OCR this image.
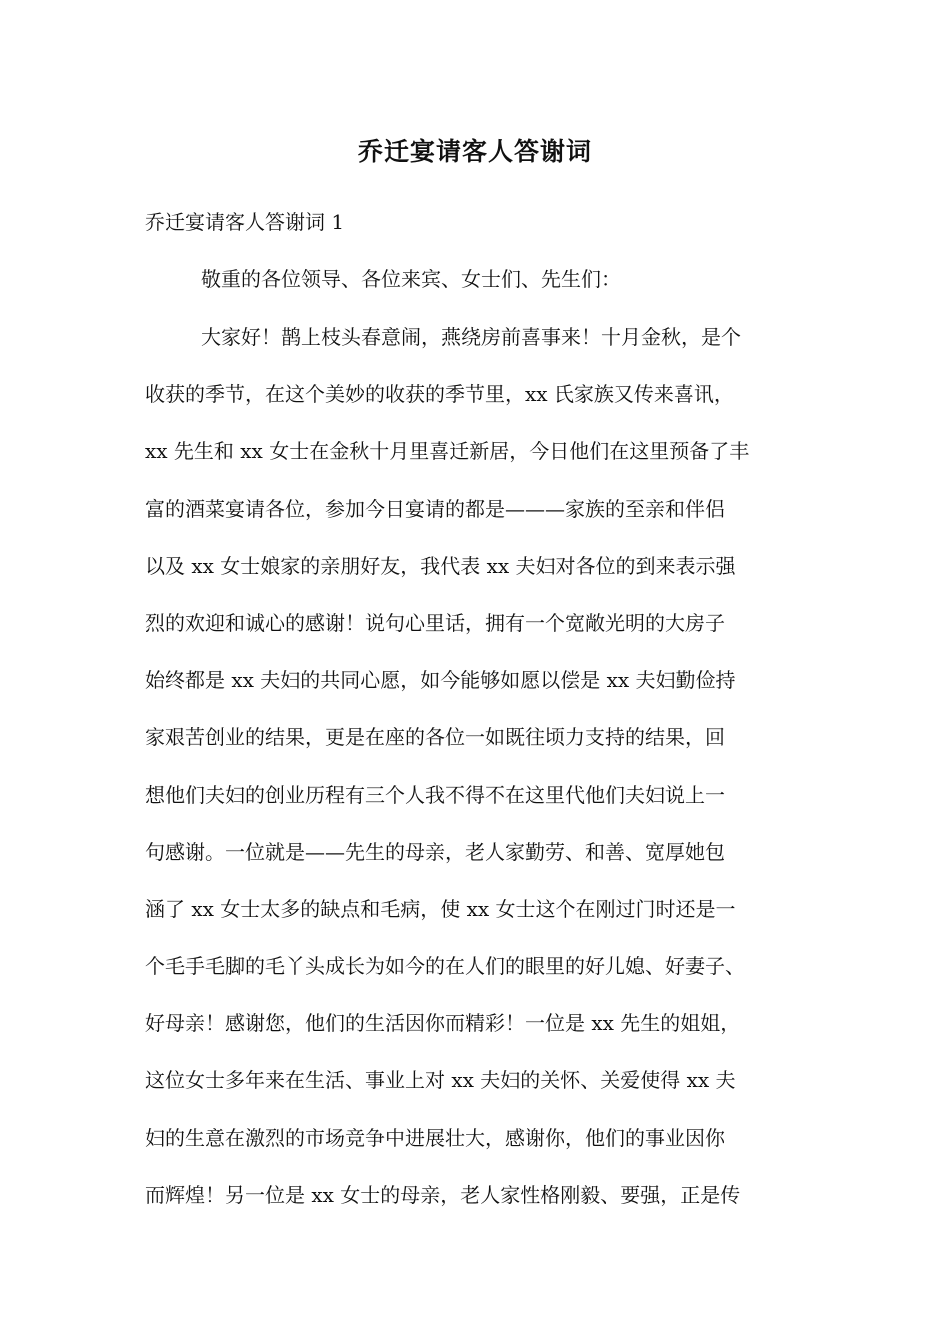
乔迁宴请客人答谢词
乔迁宴请客人答谢词 1
敬重的各位领导、各位来宾、女士们、先生们：
大家好！鹊上枝头春意闹，燕绕房前喜事来！十月金秋，是个
收获的季节，在这个美妙的收获的季节里，xx 氏家族又传来喜讯，
xx 先生和 xx 女士在金秋十月里喜迁新居，今日他们在这里预备了丰
富的酒菜宴请各位，参加今日宴请的都是———家族的至亲和伴侣
以及 xx 女士娘家的亲朋好友，我代表 xx 夫妇对各位的到来表示强
烈的欢迎和诚心的感谢！说句心里话，拥有一个宽敞光明的大房子
始终都是 xx 夫妇的共同心愿，如今能够如愿以偿是 xx 夫妇勤俭持
家艰苦创业的结果，更是在座的各位一如既往顷力支持的结果，回
想他们夫妇的创业历程有三个人我不得不在这里代他们夫妇说上一
句感谢。一位就是——先生的母亲，老人家勤劳、和善、宽厚她包
涵了 xx 女士太多的缺点和毛病，使 xx 女士这个在刚过门时还是一
个毛手毛脚的毛丫头成长为如今的在人们的眼里的好儿媳、好妻子、
好母亲！感谢您，他们的生活因你而精彩！一位是 xx 先生的姐姐，
这位女士多年来在生活、事业上对 xx 夫妇的关怀、关爱使得 xx 夫
妇的生意在激烈的市场竞争中进展壮大，感谢你，他们的事业因你
而辉煌！另一位是 xx 女士的母亲，老人家性格刚毅、要强，正是传
